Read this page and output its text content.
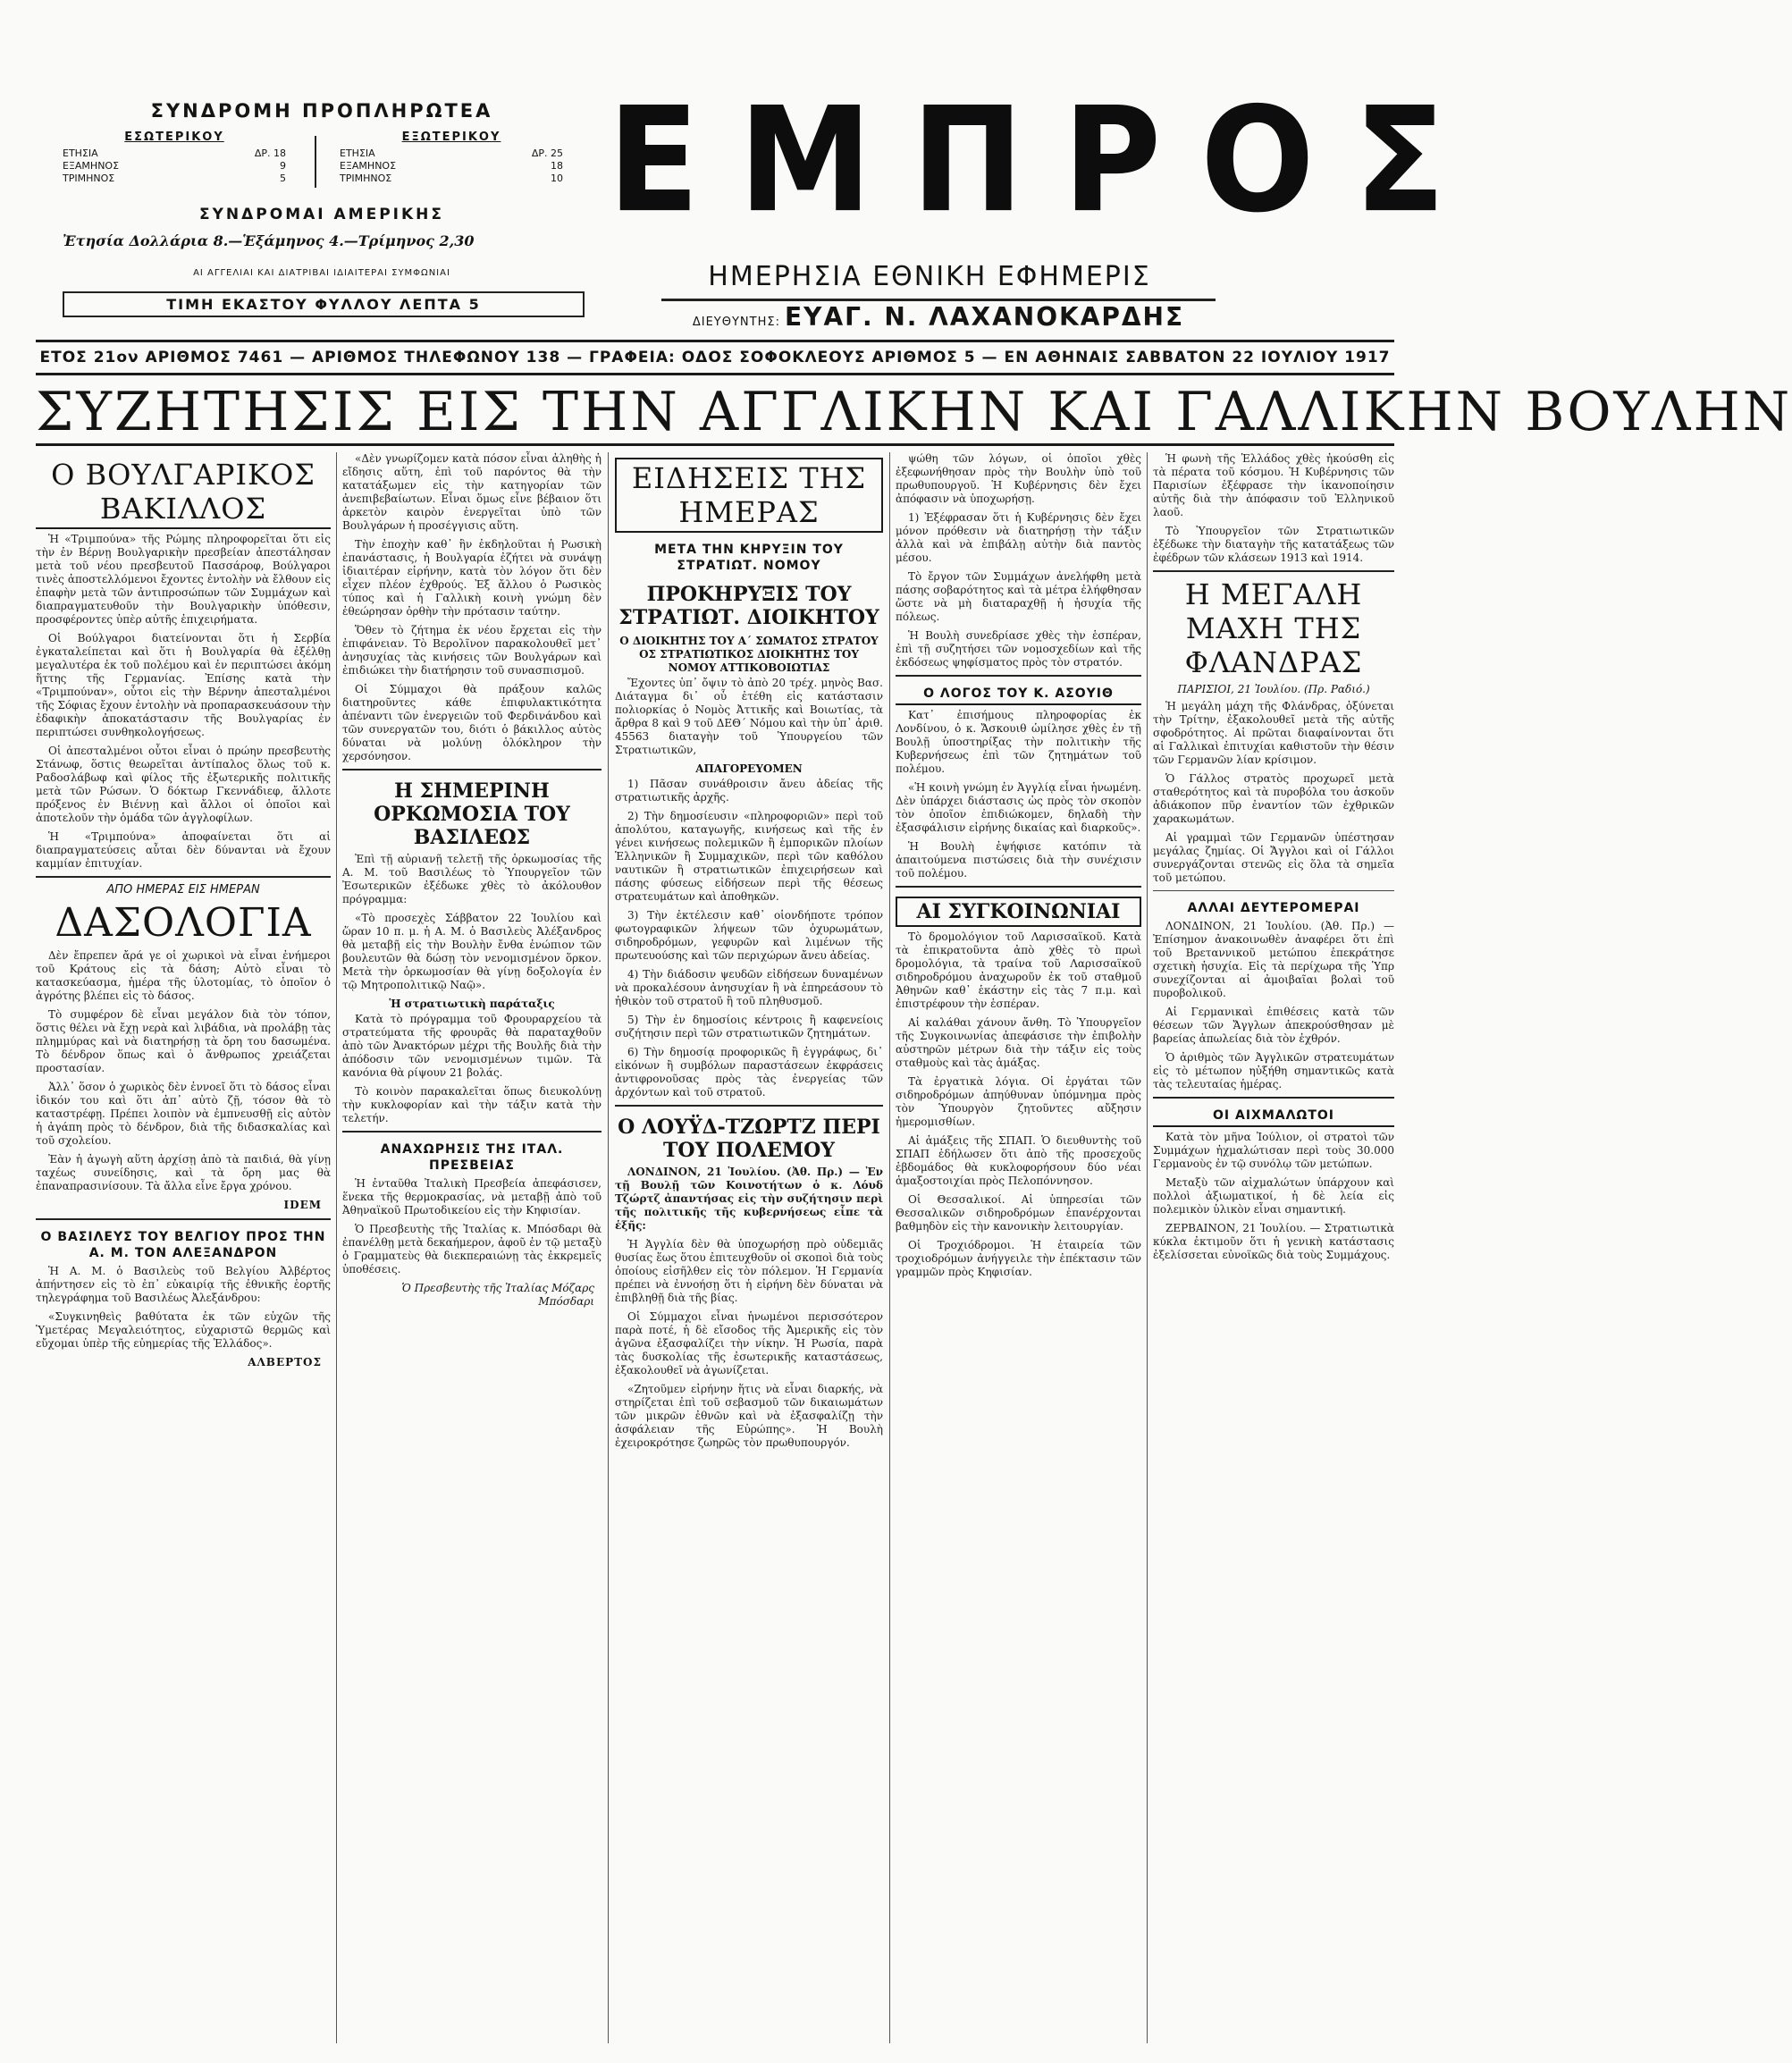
ΣΥΝΔΡΟΜΗ ΠΡΟΠΛΗΡΩΤΕΑ
ΕΣΩΤΕΡΙΚΟΥ
ΕΤΗΣΙΑ	ΔΡ. 18
ΕΞΑΜΗΝΟΣ	9
ΤΡΙΜΗΝΟΣ	5
ΕΞΩΤΕΡΙΚΟΥ
ΕΤΗΣΙΑ	ΔΡ. 25
ΕΞΑΜΗΝΟΣ	18
ΤΡΙΜΗΝΟΣ	10
ΣΥΝΔΡΟΜΑΙ ΑΜΕΡΙΚΗΣ
Ἐτησία Δολλάρια 8.—Ἑξάμηνος 4.—Τρίμηνος 2,30
ΑΙ ΑΓΓΕΛΙΑΙ ΚΑΙ ΔΙΑΤΡΙΒΑΙ ΙΔΙΑΙΤΕΡΑΙ ΣΥΜΦΩΝΙΑΙ
ΤΙΜΗ ΕΚΑΣΤΟΥ ΦΥΛΛΟΥ ΛΕΠΤΑ 5
ΕΜΠΡΟΣ
ΗΜΕΡΗΣΙΑ ΕΘΝΙΚΗ ΕΦΗΜΕΡΙΣ
ΔΙΕΥΘΥΝΤΗΣ: ΕΥΑΓ. Ν. ΛΑΧΑΝΟΚΑΡΔΗΣ
ΕΤΟΣ 21ον ΑΡΙΘΜΟΣ 7461 — ΑΡΙΘΜΟΣ ΤΗΛΕΦΩΝΟΥ 138 — ΓΡΑΦΕΙΑ: ΟΔΟΣ ΣΟΦΟΚΛΕΟΥΣ ΑΡΙΘΜΟΣ 5 — ΕΝ ΑΘΗΝΑΙΣ ΣΑΒΒΑΤΟΝ 22 ΙΟΥΛΙΟΥ 1917
ΣΥΖΗΤΗΣΙΣ ΕΙΣ ΤΗΝ ΑΓΓΛΙΚΗΝ ΚΑΙ ΓΑΛΛΙΚΗΝ ΒΟΥΛΗΝ
Ο ΒΟΥΛΓΑΡΙΚΟΣ ΒΑΚΙΛΛΟΣ

Ἡ «Τριμπούνα» τῆς Ρώμης πληροφορεῖται ὅτι εἰς τὴν ἐν Βέρνῃ Βουλγαρικὴν πρεσβείαν ἀπεστάλησαν μετὰ τοῦ νέου πρεσβευτοῦ Πασσάροφ, Βούλγαροι τινὲς ἀποστελλόμενοι ἔχοντες ἐντολὴν νὰ ἔλθουν εἰς ἐπαφὴν μετὰ τῶν ἀντιπροσώπων τῶν Συμμάχων καὶ διαπραγματευθοῦν τὴν Βουλγαρικὴν ὑπόθεσιν, προσφέροντες ὑπὲρ αὐτῆς ἐπιχειρήματα.

Οἱ Βούλγαροι διατείνονται ὅτι ἡ Σερβία ἐγκαταλείπεται καὶ ὅτι ἡ Βουλγαρία θὰ ἐξέλθῃ μεγαλυτέρα ἐκ τοῦ πολέμου καὶ ἐν περιπτώσει ἀκόμη ἥττης τῆς Γερμανίας. Ἐπίσης κατὰ τὴν «Τριμπούναν», οὗτοι εἰς τὴν Βέρνην ἀπεσταλμένοι τῆς Σόφιας ἔχουν ἐντολὴν νὰ προπαρασκευάσουν τὴν ἐδαφικὴν ἀποκατάστασιν τῆς Βουλγαρίας ἐν περιπτώσει συνθηκολογήσεως.

Οἱ ἀπεσταλμένοι οὗτοι εἶναι ὁ πρώην πρεσβευτὴς Στάνωφ, ὅστις θεωρεῖται ἀντίπαλος ὅλως τοῦ κ. Ραδοσλάβωφ καὶ φίλος τῆς ἐξωτερικῆς πολιτικῆς μετὰ τῶν Ρώσων. Ὁ δόκτωρ Γκεννάδιεφ, ἄλλοτε πρόξενος ἐν Βιέννῃ καὶ ἄλλοι οἱ ὁποῖοι καὶ ἀποτελοῦν τὴν ὁμάδα τῶν ἀγγλοφίλων.

Ἡ «Τριμπούνα» ἀποφαίνεται ὅτι αἱ διαπραγματεύσεις αὗται δὲν δύνανται νὰ ἔχουν καμμίαν ἐπιτυχίαν.

ΑΠΟ ΗΜΕΡΑΣ ΕΙΣ ΗΜΕΡΑΝ
ΔΑΣΟΛΟΓΙΑ

Δὲν ἔπρεπεν ἄρά γε οἱ χωρικοὶ νὰ εἶναι ἐνήμεροι τοῦ Κράτους εἰς τὰ δάση; Αὐτὸ εἶναι τὸ κατασκεύασμα, ἡμέρα τῆς ὑλοτομίας, τὸ ὁποῖον ὁ ἀγρότης βλέπει εἰς τὸ δάσος.

Τὸ συμφέρον δὲ εἶναι μεγάλον διὰ τὸν τόπον, ὅστις θέλει νὰ ἔχῃ νερὰ καὶ λιβάδια, νὰ προλάβῃ τὰς πλημμύρας καὶ νὰ διατηρήσῃ τὰ ὄρη του δασωμένα. Τὸ δένδρον ὅπως καὶ ὁ ἄνθρωπος χρειάζεται προστασίαν.

Ἀλλ᾽ ὅσον ὁ χωρικὸς δὲν ἐννοεῖ ὅτι τὸ δάσος εἶναι ἰδικόν του καὶ ὅτι ἀπ᾽ αὐτὸ ζῇ, τόσον θὰ τὸ καταστρέφῃ. Πρέπει λοιπὸν νὰ ἐμπνευσθῇ εἰς αὐτὸν ἡ ἀγάπη πρὸς τὸ δένδρον, διὰ τῆς διδασκαλίας καὶ τοῦ σχολείου.

Ἐὰν ἡ ἀγωγὴ αὕτη ἀρχίσῃ ἀπὸ τὰ παιδιά, θὰ γίνῃ ταχέως συνείδησις, καὶ τὰ ὄρη μας θὰ ἐπαναπρασινίσουν. Τὰ ἄλλα εἶνε ἔργα χρόνου.

IDEM
Ο ΒΑΣΙΛΕΥΣ ΤΟΥ ΒΕΛΓΙΟΥ ΠΡΟΣ ΤΗΝ Α. Μ. ΤΟΝ ΑΛΕΞΑΝΔΡΟΝ

Ἡ Α. Μ. ὁ Βασιλεὺς τοῦ Βελγίου Ἀλβέρτος ἀπήντησεν εἰς τὸ ἐπ᾽ εὐκαιρίᾳ τῆς ἐθνικῆς ἑορτῆς τηλεγράφημα τοῦ Βασιλέως Ἀλεξάνδρου:

«Συγκινηθεὶς βαθύτατα ἐκ τῶν εὐχῶν τῆς Ὑμετέρας Μεγαλειότητος, εὐχαριστῶ θερμῶς καὶ εὔχομαι ὑπὲρ τῆς εὐημερίας τῆς Ἑλλάδος».

ΑΛΒΕΡΤΟΣ

«Δὲν γνωρίζομεν κατὰ πόσον εἶναι ἀληθὴς ἡ εἴδησις αὕτη, ἐπὶ τοῦ παρόντος θὰ τὴν κατατάξωμεν εἰς τὴν κατηγορίαν τῶν ἀνεπιβεβαίωτων. Εἶναι ὅμως εἶνε βέβαιον ὅτι ἀρκετὸν καιρὸν ἐνεργεῖται ὑπὸ τῶν Βουλγάρων ἡ προσέγγισις αὕτη.

Τὴν ἐποχὴν καθ᾽ ἣν ἐκδηλοῦται ἡ Ρωσικὴ ἐπανάστασις, ἡ Βουλγαρία ἐζήτει νὰ συνάψῃ ἰδιαιτέραν εἰρήνην, κατὰ τὸν λόγον ὅτι δὲν εἶχεν πλέον ἐχθρούς. Ἐξ ἄλλου ὁ Ρωσικὸς τύπος καὶ ἡ Γαλλικὴ κοινὴ γνώμη δὲν ἐθεώρησαν ὀρθὴν τὴν πρότασιν ταύτην.

Ὅθεν τὸ ζήτημα ἐκ νέου ἔρχεται εἰς τὴν ἐπιφάνειαν. Τὸ Βερολῖνον παρακολουθεῖ μετ᾽ ἀνησυχίας τὰς κινήσεις τῶν Βουλγάρων καὶ ἐπιδιώκει τὴν διατήρησιν τοῦ συνασπισμοῦ.

Οἱ Σύμμαχοι θὰ πράξουν καλῶς διατηροῦντες κάθε ἐπιφυλακτικότητα ἀπέναντι τῶν ἐνεργειῶν τοῦ Φερδινάνδου καὶ τῶν συνεργατῶν του, διότι ὁ βάκιλλος αὐτὸς δύναται νὰ μολύνῃ ὁλόκληρον τὴν χερσόνησον.

Η ΣΗΜΕΡΙΝΗ ΟΡΚΩΜΟΣΙΑ ΤΟΥ ΒΑΣΙΛΕΩΣ

Ἐπὶ τῇ αὐριανῇ τελετῇ τῆς ὁρκωμοσίας τῆς Α. Μ. τοῦ Βασιλέως τὸ Ὑπουργεῖον τῶν Ἐσωτερικῶν ἐξέδωκε χθὲς τὸ ἀκόλουθον πρόγραμμα:

«Τὸ προσεχὲς Σάββατον 22 Ἰουλίου καὶ ὥραν 10 π. μ. ἡ Α. Μ. ὁ Βασιλεὺς Ἀλέξανδρος θὰ μεταβῇ εἰς τὴν Βουλὴν ἔνθα ἐνώπιον τῶν βουλευτῶν θὰ δώσῃ τὸν νενομισμένον ὅρκον. Μετὰ τὴν ὁρκωμοσίαν θὰ γίνῃ δοξολογία ἐν τῷ Μητροπολιτικῷ Ναῷ».

Ἡ στρατιωτικὴ παράταξις

Κατὰ τὸ πρόγραμμα τοῦ Φρουραρχείου τὰ στρατεύματα τῆς φρουρᾶς θὰ παραταχθοῦν ἀπὸ τῶν Ἀνακτόρων μέχρι τῆς Βουλῆς διὰ τὴν ἀπόδοσιν τῶν νενομισμένων τιμῶν. Τὰ κανόνια θὰ ρίψουν 21 βολάς.

Τὸ κοινὸν παρακαλεῖται ὅπως διευκολύνῃ τὴν κυκλοφορίαν καὶ τὴν τάξιν κατὰ τὴν τελετήν.

ΑΝΑΧΩΡΗΣΙΣ ΤΗΣ ΙΤΑΛ. ΠΡΕΣΒΕΙΑΣ

Ἡ ἐνταῦθα Ἰταλικὴ Πρεσβεία ἀπεφάσισεν, ἕνεκα τῆς θερμοκρασίας, νὰ μεταβῇ ἀπὸ τοῦ Ἀθηναϊκοῦ Πρωτοδικείου εἰς τὴν Κηφισίαν.

Ὁ Πρεσβευτὴς τῆς Ἰταλίας κ. Μπόσδαρι θὰ ἐπανέλθῃ μετὰ δεκαήμερον, ἀφοῦ ἐν τῷ μεταξὺ ὁ Γραμματεὺς θὰ διεκπεραιώνῃ τὰς ἐκκρεμεῖς ὑποθέσεις.

Ὁ Πρεσβευτὴς τῆς Ἰταλίας Μόζαρς Μπόσδαρι
ΕΙΔΗΣΕΙΣ ΤΗΣ ΗΜΕΡΑΣ
ΜΕΤΑ ΤΗΝ ΚΗΡΥΞΙΝ ΤΟΥ ΣΤΡΑΤΙΩΤ. ΝΟΜΟΥ
ΠΡΟΚΗΡΥΞΙΣ ΤΟΥ ΣΤΡΑΤΙΩΤ. ΔΙΟΙΚΗΤΟΥ
Ο ΔΙΟΙΚΗΤΗΣ ΤΟΥ Α΄ ΣΩΜΑΤΟΣ ΣΤΡΑΤΟΥ ΟΣ ΣΤΡΑΤΙΩΤΙΚΟΣ ΔΙΟΙΚΗΤΗΣ ΤΟΥ ΝΟΜΟΥ ΑΤΤΙΚΟΒΟΙΩΤΙΑΣ

Ἔχοντες ὑπ᾽ ὄψιν τὸ ἀπὸ 20 τρέχ. μηνὸς Βασ. Διάταγμα δι᾽ οὗ ἐτέθη εἰς κατάστασιν πολιορκίας ὁ Νομὸς Ἀττικῆς καὶ Βοιωτίας, τὰ ἄρθρα 8 καὶ 9 τοῦ ΔΕΘ΄ Νόμου καὶ τὴν ὑπ᾽ ἀριθ. 45563 διαταγὴν τοῦ Ὑπουργείου τῶν Στρατιωτικῶν,

ΑΠΑΓΟΡΕΥΟΜΕΝ

1) Πᾶσαν συνάθροισιν ἄνευ ἀδείας τῆς στρατιωτικῆς ἀρχῆς.

2) Τὴν δημοσίευσιν «πληροφοριῶν» περὶ τοῦ ἀπολύτου, καταγωγῆς, κινήσεως καὶ τῆς ἐν γένει κινήσεως πολεμικῶν ἢ ἐμπορικῶν πλοίων Ἑλληνικῶν ἢ Συμμαχικῶν, περὶ τῶν καθόλου ναυτικῶν ἢ στρατιωτικῶν ἐπιχειρήσεων καὶ πάσης φύσεως εἰδήσεων περὶ τῆς θέσεως στρατευμάτων καὶ ἀποθηκῶν.

3) Τὴν ἐκτέλεσιν καθ᾽ οἱονδήποτε τρόπον φωτογραφικῶν λήψεων τῶν ὀχυρωμάτων, σιδηροδρόμων, γεφυρῶν καὶ λιμένων τῆς πρωτευούσης καὶ τῶν περιχώρων ἄνευ ἀδείας.

4) Τὴν διάδοσιν ψευδῶν εἰδήσεων δυναμένων νὰ προκαλέσουν ἀνησυχίαν ἢ νὰ ἐπηρεάσουν τὸ ἠθικὸν τοῦ στρατοῦ ἢ τοῦ πληθυσμοῦ.

5) Τὴν ἐν δημοσίοις κέντροις ἢ καφενείοις συζήτησιν περὶ τῶν στρατιωτικῶν ζητημάτων.

6) Τὴν δημοσίᾳ προφορικῶς ἢ ἐγγράφως, δι᾽ εἰκόνων ἢ συμβόλων παραστάσεων ἐκφράσεις ἀντιφρονοῦσας πρὸς τὰς ἐνεργείας τῶν ἀρχόντων καὶ τοῦ στρατοῦ.

Ο ΛΟΥΫΔ-ΤΖΩΡΤΖ ΠΕΡΙ ΤΟΥ ΠΟΛΕΜΟΥ

ΛΟΝΔΙΝΟΝ, 21 Ἰουλίου. (Ἀθ. Πρ.) — Ἐν τῇ Βουλῇ τῶν Κοινοτήτων ὁ κ. Λόυδ Τζώρτζ ἀπαντήσας εἰς τὴν συζήτησιν περὶ τῆς πολιτικῆς τῆς κυβερνήσεως εἶπε τὰ ἑξῆς:

Ἡ Ἀγγλία δὲν θὰ ὑποχωρήσῃ πρὸ οὐδεμιᾶς θυσίας ἕως ὅτου ἐπιτευχθοῦν οἱ σκοποὶ διὰ τοὺς ὁποίους εἰσῆλθεν εἰς τὸν πόλεμον. Ἡ Γερμανία πρέπει νὰ ἐννοήσῃ ὅτι ἡ εἰρήνη δὲν δύναται νὰ ἐπιβληθῇ διὰ τῆς βίας.

Οἱ Σύμμαχοι εἶναι ἡνωμένοι περισσότερον παρὰ ποτέ, ἡ δὲ εἴσοδος τῆς Ἀμερικῆς εἰς τὸν ἀγῶνα ἐξασφαλίζει τὴν νίκην. Ἡ Ρωσία, παρὰ τὰς δυσκολίας τῆς ἐσωτερικῆς καταστάσεως, ἐξακολουθεῖ νὰ ἀγωνίζεται.

«Ζητοῦμεν εἰρήνην ἥτις νὰ εἶναι διαρκής, νὰ στηρίζεται ἐπὶ τοῦ σεβασμοῦ τῶν δικαιωμάτων τῶν μικρῶν ἐθνῶν καὶ νὰ ἐξασφαλίζῃ τὴν ἀσφάλειαν τῆς Εὐρώπης». Ἡ Βουλὴ ἐχειροκρότησε ζωηρῶς τὸν πρωθυπουργόν.

ψώθη τῶν λόγων, οἱ ὁποῖοι χθὲς ἐξεφωνήθησαν πρὸς τὴν Βουλὴν ὑπὸ τοῦ πρωθυπουργοῦ. Ἡ Κυβέρνησις δὲν ἔχει ἀπόφασιν νὰ ὑποχωρήσῃ.

1) Ἐξέφρασαν ὅτι ἡ Κυβέρνησις δὲν ἔχει μόνον πρόθεσιν νὰ διατηρήσῃ τὴν τάξιν ἀλλὰ καὶ νὰ ἐπιβάλῃ αὐτὴν διὰ παντὸς μέσου.

Τὸ ἔργον τῶν Συμμάχων ἀνελήφθη μετὰ πάσης σοβαρότητος καὶ τὰ μέτρα ἐλήφθησαν ὥστε νὰ μὴ διαταραχθῇ ἡ ἡσυχία τῆς πόλεως.

Ἡ Βουλὴ συνεδρίασε χθὲς τὴν ἑσπέραν, ἐπὶ τῇ συζητήσει τῶν νομοσχεδίων καὶ τῆς ἐκδόσεως ψηφίσματος πρὸς τὸν στρατόν.

Ο ΛΟΓΟΣ ΤΟΥ Κ. ΑΣΟΥΙΘ

Κατ᾽ ἐπισήμους πληροφορίας ἐκ Λονδίνου, ὁ κ. Ἄσκουιθ ὡμίλησε χθὲς ἐν τῇ Βουλῇ ὑποστηρίξας τὴν πολιτικὴν τῆς Κυβερνήσεως ἐπὶ τῶν ζητημάτων τοῦ πολέμου.

«Ἡ κοινὴ γνώμη ἐν Ἀγγλίᾳ εἶναι ἡνωμένη. Δὲν ὑπάρχει διάστασις ὡς πρὸς τὸν σκοπὸν τὸν ὁποῖον ἐπιδιώκομεν, δηλαδὴ τὴν ἐξασφάλισιν εἰρήνης δικαίας καὶ διαρκοῦς».

Ἡ Βουλὴ ἐψήφισε κατόπιν τὰ ἀπαιτούμενα πιστώσεις διὰ τὴν συνέχισιν τοῦ πολέμου.

ΑΙ ΣΥΓΚΟΙΝΩΝΙΑΙ

Τὸ δρομολόγιον τοῦ Λαρισσαϊκοῦ. Κατὰ τὰ ἐπικρατοῦντα ἀπὸ χθὲς τὸ πρωὶ δρομολόγια, τὰ τραίνα τοῦ Λαρισσαϊκοῦ σιδηροδρόμου ἀναχωροῦν ἐκ τοῦ σταθμοῦ Ἀθηνῶν καθ᾽ ἑκάστην εἰς τὰς 7 π.μ. καὶ ἐπιστρέφουν τὴν ἑσπέραν.

Αἱ καλάθαι χάνουν ἄνθη. Τὸ Ὑπουργεῖον τῆς Συγκοινωνίας ἀπεφάσισε τὴν ἐπιβολὴν αὐστηρῶν μέτρων διὰ τὴν τάξιν εἰς τοὺς σταθμοὺς καὶ τὰς ἁμάξας.

Τὰ ἐργατικὰ λόγια. Οἱ ἐργάται τῶν σιδηροδρόμων ἀπηύθυναν ὑπόμνημα πρὸς τὸν Ὑπουργὸν ζητοῦντες αὔξησιν ἡμερομισθίων.

Αἱ ἁμάξεις τῆς ΣΠΑΠ. Ὁ διευθυντὴς τοῦ ΣΠΑΠ ἐδήλωσεν ὅτι ἀπὸ τῆς προσεχοῦς ἑβδομάδος θὰ κυκλοφορήσουν δύο νέαι ἁμαξοστοιχίαι πρὸς Πελοπόννησον.

Οἱ Θεσσαλικοί. Αἱ ὑπηρεσίαι τῶν Θεσσαλικῶν σιδηροδρόμων ἐπανέρχονται βαθμηδὸν εἰς τὴν κανονικὴν λειτουργίαν.

Οἱ Τροχιόδρομοι. Ἡ ἑταιρεία τῶν τροχιοδρόμων ἀνήγγειλε τὴν ἐπέκτασιν τῶν γραμμῶν πρὸς Κηφισίαν.

Ἡ φωνὴ τῆς Ἑλλάδος χθὲς ἠκούσθη εἰς τὰ πέρατα τοῦ κόσμου. Ἡ Κυβέρνησις τῶν Παρισίων ἐξέφρασε τὴν ἱκανοποίησιν αὐτῆς διὰ τὴν ἀπόφασιν τοῦ Ἑλληνικοῦ λαοῦ.

Τὸ Ὑπουργεῖον τῶν Στρατιωτικῶν ἐξέδωκε τὴν διαταγὴν τῆς κατατάξεως τῶν ἐφέδρων τῶν κλάσεων 1913 καὶ 1914.

Η ΜΕΓΑΛΗ ΜΑΧΗ ΤΗΣ ΦΛΑΝΔΡΑΣ
ΠΑΡΙΣΙΟΙ, 21 Ἰουλίου. (Πρ. Ραδιό.)

Ἡ μεγάλη μάχη τῆς Φλάνδρας, ὀξύνεται τὴν Τρίτην, ἐξακολουθεῖ μετὰ τῆς αὐτῆς σφοδρότητος. Αἱ πρῶται διαφαίνονται ὅτι αἱ Γαλλικαὶ ἐπιτυχίαι καθιστοῦν τὴν θέσιν τῶν Γερμανῶν λίαν κρίσιμον.

Ὁ Γάλλος στρατὸς προχωρεῖ μετὰ σταθερότητος καὶ τὰ πυροβόλα του ἀσκοῦν ἀδιάκοπον πῦρ ἐναντίον τῶν ἐχθρικῶν χαρακωμάτων.

Αἱ γραμμαὶ τῶν Γερμανῶν ὑπέστησαν μεγάλας ζημίας. Οἱ Ἄγγλοι καὶ οἱ Γάλλοι συνεργάζονται στενῶς εἰς ὅλα τὰ σημεῖα τοῦ μετώπου.

ΑΛΛΑΙ ΔΕΥΤΕΡΟΜΕΡΑΙ

ΛΟΝΔΙΝΟΝ, 21 Ἰουλίου. (Ἀθ. Πρ.) — Ἐπίσημον ἀνακοινωθὲν ἀναφέρει ὅτι ἐπὶ τοῦ Βρεταννικοῦ μετώπου ἐπεκράτησε σχετικὴ ἡσυχία. Εἰς τὰ περίχωρα τῆς Ὑπρ συνεχίζονται αἱ ἀμοιβαῖαι βολαὶ τοῦ πυροβολικοῦ.

Αἱ Γερμανικαὶ ἐπιθέσεις κατὰ τῶν θέσεων τῶν Ἄγγλων ἀπεκρούσθησαν μὲ βαρείας ἀπωλείας διὰ τὸν ἐχθρόν.

Ὁ ἀριθμὸς τῶν Ἀγγλικῶν στρατευμάτων εἰς τὸ μέτωπον ηὐξήθη σημαντικῶς κατὰ τὰς τελευταίας ἡμέρας.

ΟΙ ΑΙΧΜΑΛΩΤΟΙ

Κατὰ τὸν μῆνα Ἰούλιον, οἱ στρατοὶ τῶν Συμμάχων ἠχμαλώτισαν περὶ τοὺς 30.000 Γερμανοὺς ἐν τῷ συνόλῳ τῶν μετώπων.

Μεταξὺ τῶν αἰχμαλώτων ὑπάρχουν καὶ πολλοὶ ἀξιωματικοί, ἡ δὲ λεία εἰς πολεμικὸν ὑλικὸν εἶναι σημαντική.

ΖΕΡΒΑΙΝΟΝ, 21 Ἰουλίου. — Στρατιωτικὰ κύκλα ἐκτιμοῦν ὅτι ἡ γενικὴ κατάστασις ἐξελίσσεται εὐνοϊκῶς διὰ τοὺς Συμμάχους.
